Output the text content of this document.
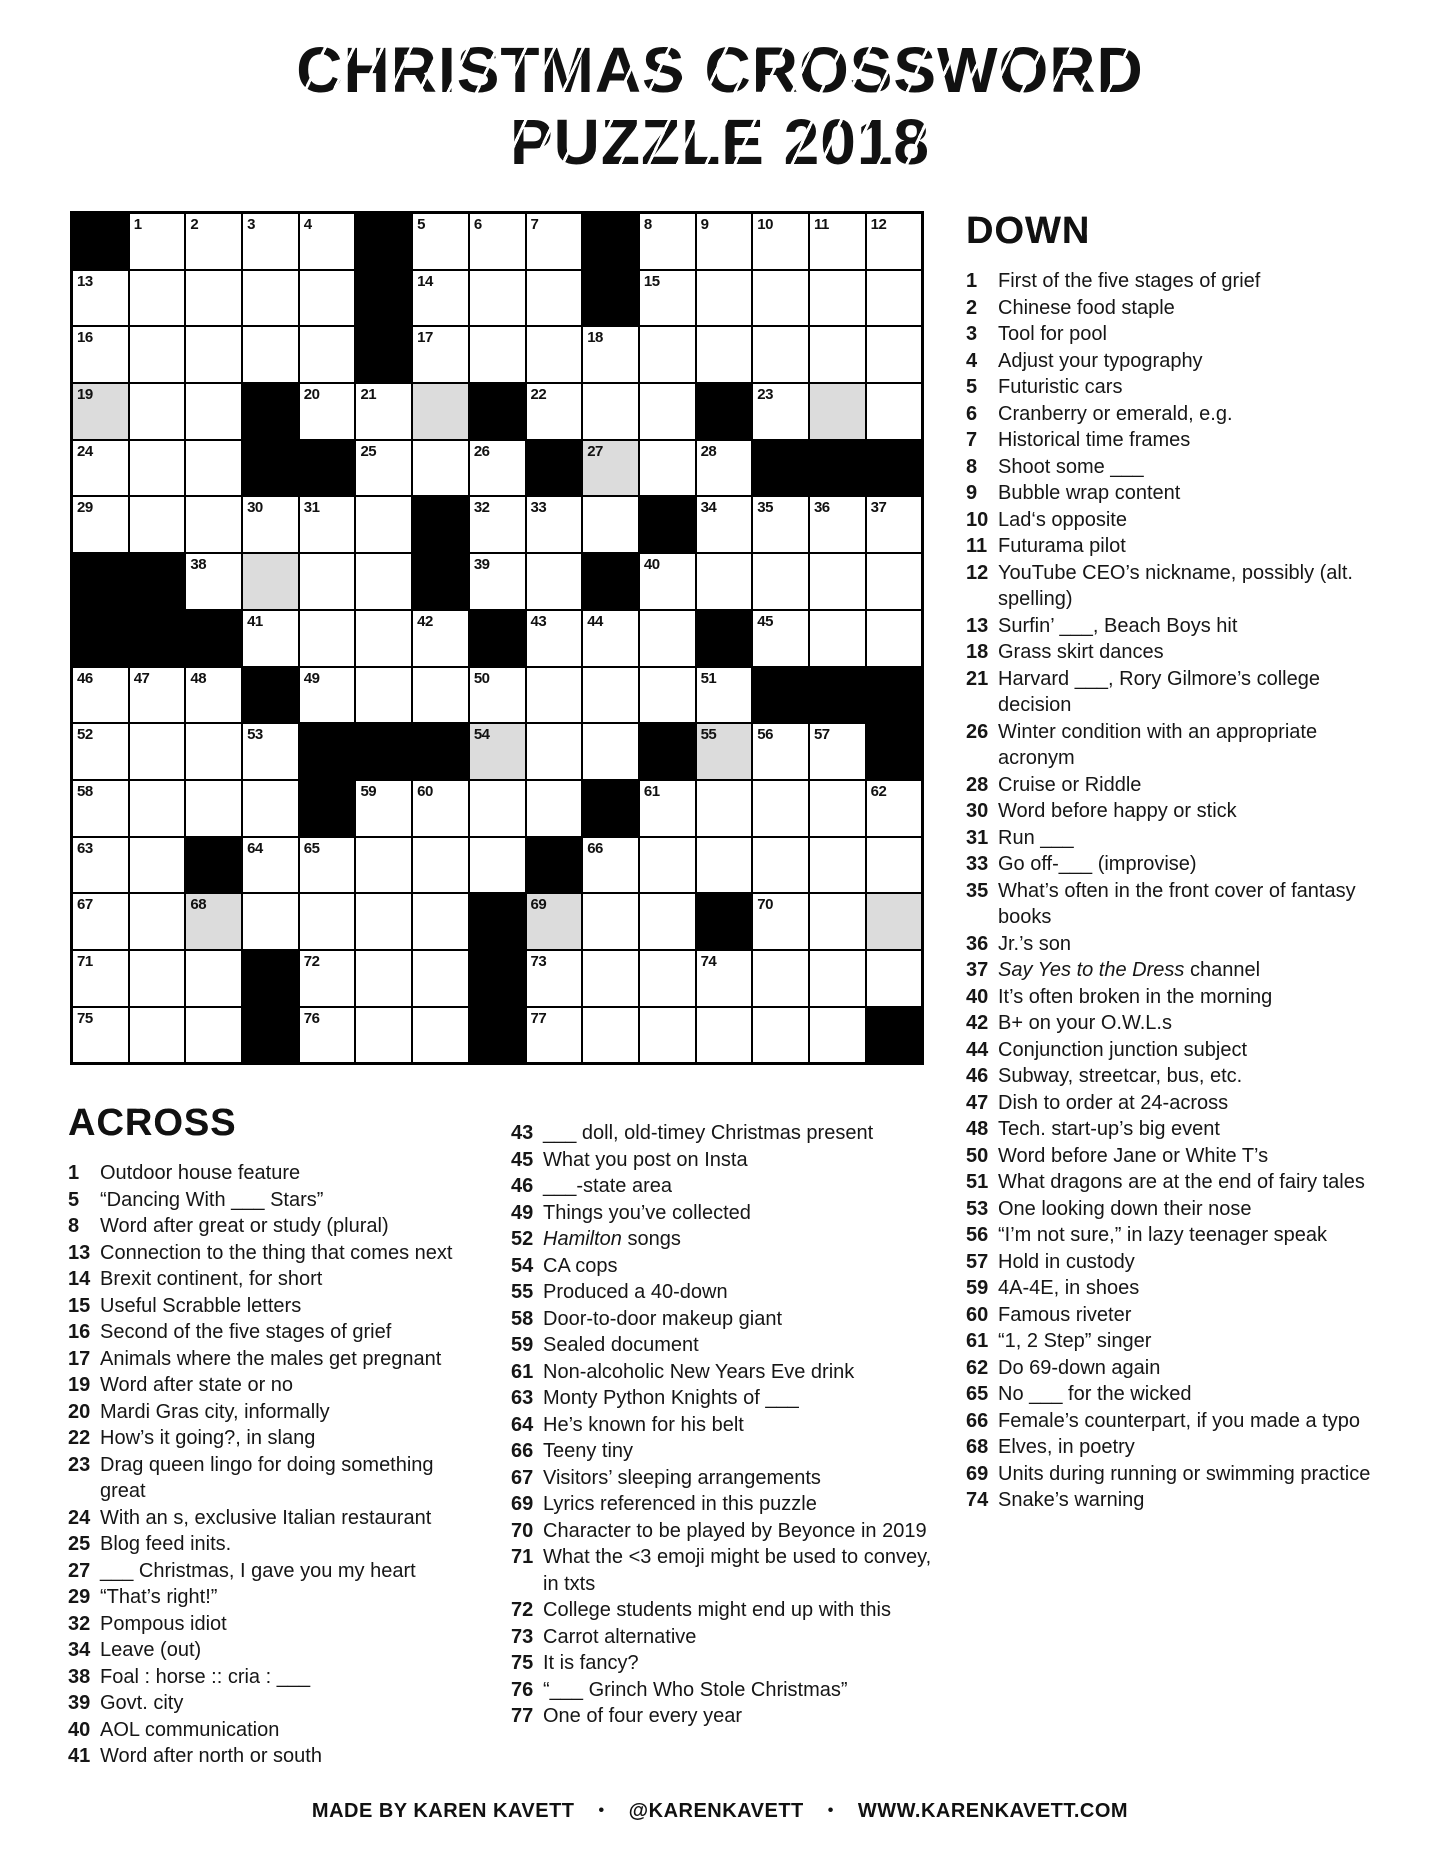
CHRISTMAS CROSSWORD
PUZZLE 2018
1	2	3	4	5	6	7	8	9	10	11	12
13	14	15
16	17	18
19	20	21	22	23
24	25	26	27	28
29	30	31	32	33	34	35	36	37
38	39	40
41	42	43	44	45
46	47	48	49	50	51
52	53	54	55	56	57
58	59	60	61	62
63	64	65	66
67	68	69	70
71	72	73	74
75	76	77
DOWN
1	First of the five stages of grief
2	Chinese food staple
3	Tool for pool
4	Adjust your typography
5	Futuristic cars
6	Cranberry or emerald, e.g.
7	Historical time frames
8	Shoot some ___
9	Bubble wrap content
10 Lad‘s opposite
11 Futurama pilot
12 YouTube CEO’s nickname, possibly (alt. spelling)
13 Surfin’ ___, Beach Boys hit
18 Grass skirt dances
21 Harvard ___, Rory Gilmore’s college decision
26 Winter condition with an appropriate acronym
28 Cruise or Riddle
30 Word before happy or stick
31 Run ___
33 Go off-___ (improvise)
35 What’s often in the front cover of fantasy books
36 Jr.’s son
37 Say Yes to the Dress channel
40 It’s often broken in the morning
42 B+ on your O.W.L.s
44 Conjunction junction subject
46 Subway, streetcar, bus, etc.
47 Dish to order at 24-across
48 Tech. start-up’s big event
50 Word before Jane or White T’s
51 What dragons are at the end of fairy tales
53 One looking down their nose
56 “I’m not sure,” in lazy teenager speak
57 Hold in custody
59 4A-4E, in shoes
60 Famous riveter
61 “1, 2 Step” singer
62 Do 69-down again
65 No ___ for the wicked
66 Female’s counterpart, if you made a typo
68 Elves, in poetry
69 Units during running or swimming practice
74 Snake’s warning
ACROSS
1	Outdoor house feature
5	“Dancing With ___ Stars”
8	Word after great or study (plural)
13 Connection to the thing that comes next
14 Brexit continent, for short
15 Useful Scrabble letters
16 Second of the five stages of grief
17 Animals where the males get pregnant
19 Word after state or no
20 Mardi Gras city, informally
22 How’s it going?, in slang
23 Drag queen lingo for doing something great
24 With an s, exclusive Italian restaurant
25 Blog feed inits.
27 ___ Christmas, I gave you my heart
29 “That’s right!”
32 Pompous idiot
34 Leave (out)
38 Foal : horse :: cria : ___
39 Govt. city
40 AOL communication
41 Word after north or south
43 ___ doll, old-timey Christmas present
45 What you post on Insta
46 ___-state area
49 Things you’ve collected
52 Hamilton songs
54 CA cops
55 Produced a 40-down
58 Door-to-door makeup giant
59 Sealed document
61 Non-alcoholic New Years Eve drink
63 Monty Python Knights of ___
64 He’s known for his belt
66 Teeny tiny
67 Visitors’ sleeping arrangements
69 Lyrics referenced in this puzzle
70 Character to be played by Beyonce in 2019
71 What the <3 emoji might be used to convey, in txts
72 College students might end up with this
73 Carrot alternative
75 It is fancy?
76 “___ Grinch Who Stole Christmas”
77 One of four every year
MADE BY KAREN KAVETT • @KARENKAVETT • WWW.KARENKAVETT.COM
